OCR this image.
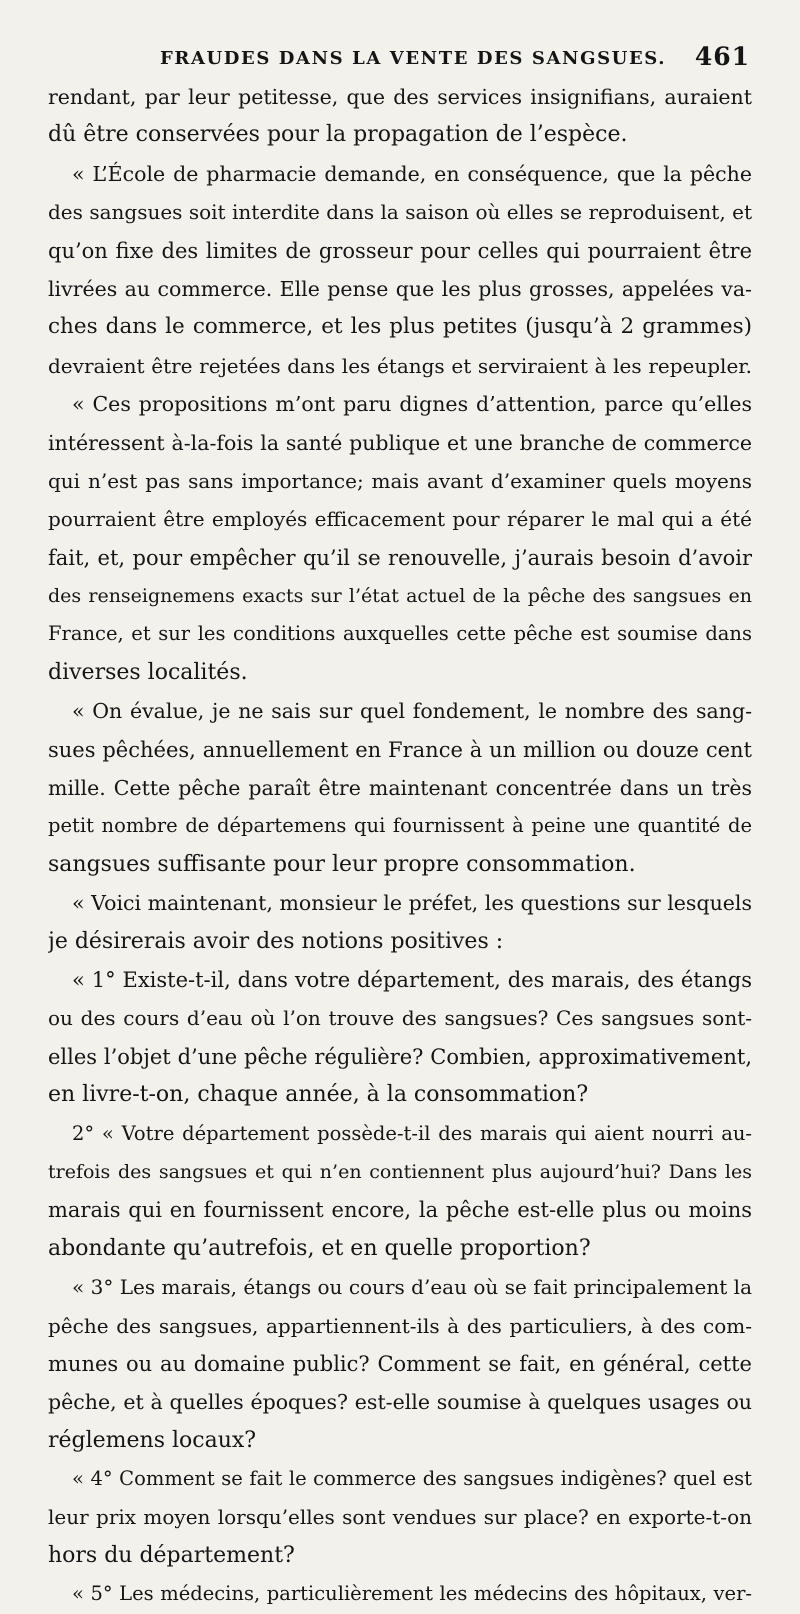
FRAUDES DANS LA VENTE DES SANGSUES. 461
rendant, par leur petitesse, que des services insignifians, auraient
dû être conservées pour la propagation de l’espèce.
« L’École de pharmacie demande, en conséquence, que la pêche
des sangsues soit interdite dans la saison où elles se reproduisent, et
qu’on fixe des limites de grosseur pour celles qui pourraient être
livrées au commerce. Elle pense que les plus grosses, appelées va-
ches dans le commerce, et les plus petites (jusqu’à 2 grammes)
devraient être rejetées dans les étangs et serviraient à les repeupler.
« Ces propositions m’ont paru dignes d’attention, parce qu’elles
intéressent à-la-fois la santé publique et une branche de commerce
qui n’est pas sans importance; mais avant d’examiner quels moyens
pourraient être employés efficacement pour réparer le mal qui a été
fait, et, pour empêcher qu’il se renouvelle, j’aurais besoin d’avoir
des renseignemens exacts sur l’état actuel de la pêche des sangsues en
France, et sur les conditions auxquelles cette pêche est soumise dans
diverses localités.
« On évalue, je ne sais sur quel fondement, le nombre des sang-
sues pêchées, annuellement en France à un million ou douze cent
mille. Cette pêche paraît être maintenant concentrée dans un très
petit nombre de départemens qui fournissent à peine une quantité de
sangsues suffisante pour leur propre consommation.
« Voici maintenant, monsieur le préfet, les questions sur lesquels
je désirerais avoir des notions positives :
« 1° Existe-t-il, dans votre département, des marais, des étangs
ou des cours d’eau où l’on trouve des sangsues? Ces sangsues sont-
elles l’objet d’une pêche régulière? Combien, approximativement,
en livre-t-on, chaque année, à la consommation?
2° « Votre département possède-t-il des marais qui aient nourri au-
trefois des sangsues et qui n’en contiennent plus aujourd’hui? Dans les
marais qui en fournissent encore, la pêche est-elle plus ou moins
abondante qu’autrefois, et en quelle proportion?
« 3° Les marais, étangs ou cours d’eau où se fait principalement la
pêche des sangsues, appartiennent-ils à des particuliers, à des com-
munes ou au domaine public? Comment se fait, en général, cette
pêche, et à quelles époques? est-elle soumise à quelques usages ou
réglemens locaux?
« 4° Comment se fait le commerce des sangsues indigènes? quel est
leur prix moyen lorsqu’elles sont vendues sur place? en exporte-t-on
hors du département?
« 5° Les médecins, particulièrement les médecins des hôpitaux, ver-
